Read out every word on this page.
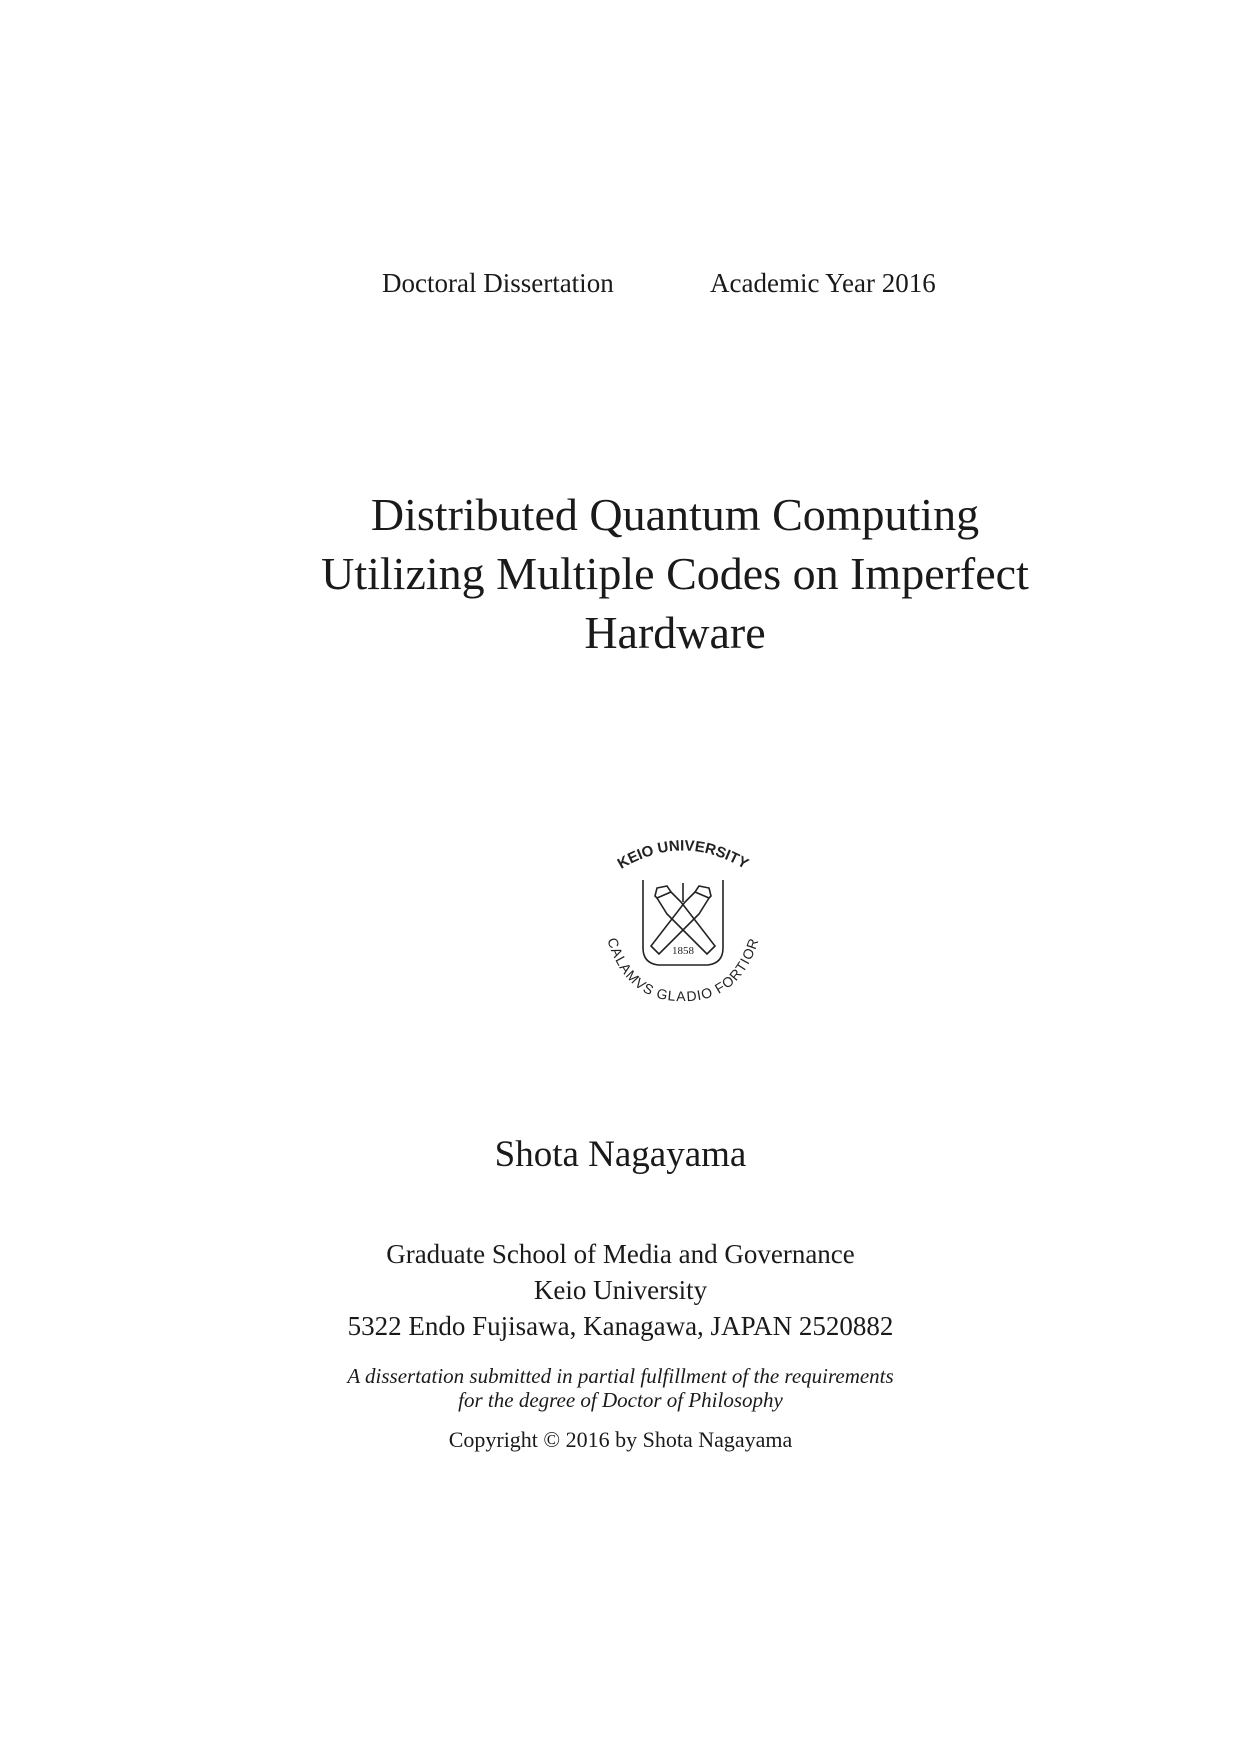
Doctoral Dissertation	Academic Year 2016
Distributed Quantum Computing
Utilizing Multiple Codes on Imperfect
Hardware
KEIO UNIVERSITY
CALAMVS GLADIO FORTIOR
1858
Shota Nagayama
Graduate School of Media and Governance
Keio University
5322 Endo Fujisawa, Kanagawa, JAPAN 2520882
A dissertation submitted in partial fulfillment of the requirements
for the degree of Doctor of Philosophy
Copyright © 2016 by Shota Nagayama
